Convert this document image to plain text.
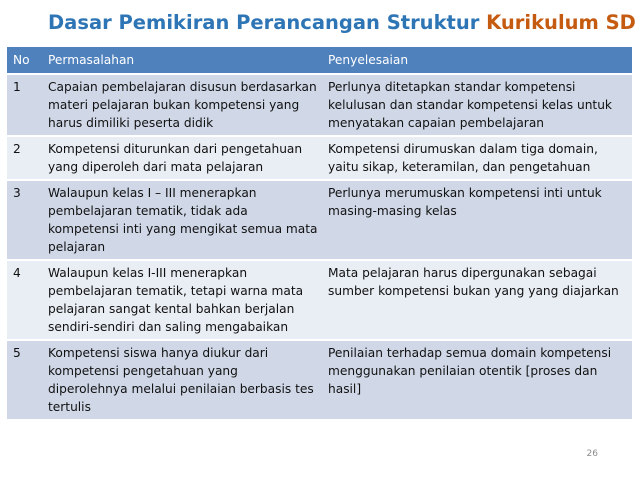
Dasar Pemikiran Perancangan Struktur Kurikulum SD
No	Permasalahan	Penyelesaian
1	Capaian pembelajaran disusun berdasarkan materi pelajaran bukan kompetensi yang harus dimiliki peserta didik	Perlunya ditetapkan standar kompetensi kelulusan dan standar kompetensi kelas untuk menyatakan capaian pembelajaran
2	Kompetensi diturunkan dari pengetahuan yang diperoleh dari mata pelajaran	Kompetensi dirumuskan dalam tiga domain, yaitu sikap, keteramilan, dan pengetahuan
3	Walaupun kelas I – III menerapkan pembelajaran tematik, tidak ada kompetensi inti yang mengikat semua mata pelajaran	Perlunya merumuskan kompetensi inti untuk masing-masing kelas
4	Walaupun kelas I-III menerapkan pembelajaran tematik, tetapi warna mata pelajaran sangat kental bahkan berjalan sendiri-sendiri dan saling mengabaikan	Mata pelajaran harus dipergunakan sebagai sumber kompetensi bukan yang yang diajarkan
5	Kompetensi siswa hanya diukur dari kompetensi pengetahuan yang diperolehnya melalui penilaian berbasis tes tertulis	Penilaian terhadap semua domain kompetensi menggunakan penilaian otentik [proses dan hasil]
26
